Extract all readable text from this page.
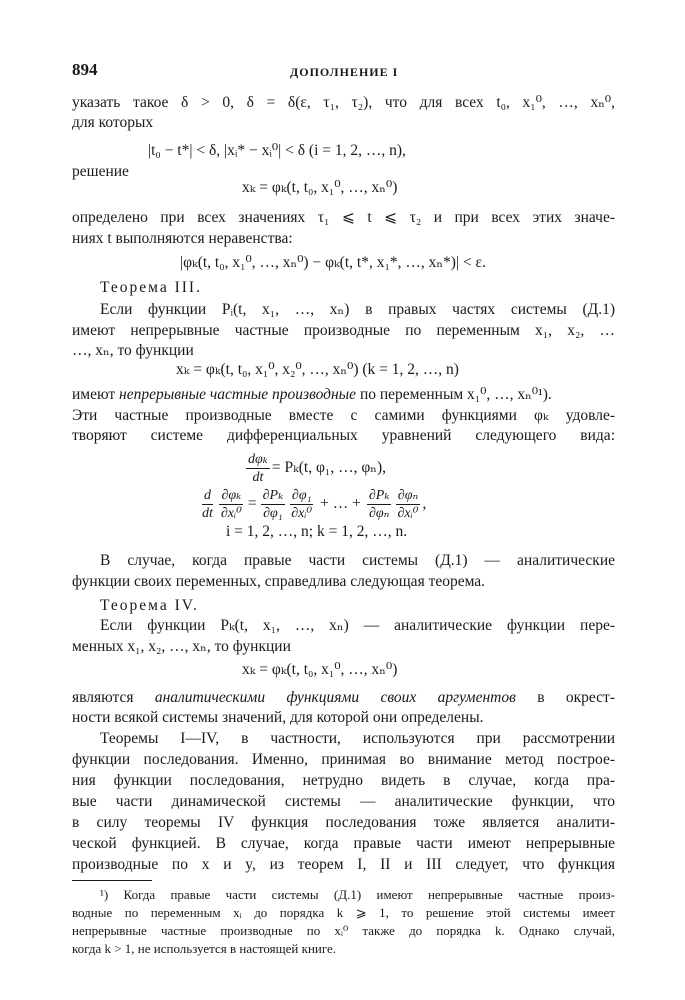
894	ДОПОЛНЕНИЕ I
указать такое δ > 0, δ = δ(ε, τ₁, τ₂), что для всех t₀, x₁⁰, …, xₙ⁰,
для которых
|t₀ − t*| < δ, |xᵢ* − xᵢ⁰| < δ (i = 1, 2, …, n),
решение
xₖ = φₖ(t, t₀, x₁⁰, …, xₙ⁰)
определено при всех значениях τ₁ ⩽ t ⩽ τ₂ и при всех этих значе-
ниях t выполняются неравенства:
|φₖ(t, t₀, x₁⁰, …, xₙ⁰) − φₖ(t, t*, x₁*, …, xₙ*)| < ε.
Теорема III.
Если функции Pᵢ(t, x₁, …, xₙ) в правых частях системы (Д.1)
имеют непрерывные частные производные по переменным x₁, x₂, …
…, xₙ, то функции
xₖ = φₖ(t, t₀, x₁⁰, x₂⁰, …, xₙ⁰) (k = 1, 2, …, n)
имеют непрерывные частные производные по переменным x₁⁰, …, xₙ⁰¹).
Эти частные производные вместе с самими функциями φₖ удовле-
творяют системе дифференциальных уравнений следующего вида:
$\frac{\text{dφₖ}}{dt} = P_k(t$, φ₁, …, φₙ),
$\frac{d}{dt} \frac{\text{∂φₖ}}{\text{∂xᵢ⁰}} = \frac{\text{∂Pₖ}}{\text{∂φ₁}} \frac{\text{∂φ₁}}{\text{∂xᵢ⁰}}$ + … + $\frac{\text{∂Pₖ}}{\text{∂φₙ}} \frac{\text{∂φₙ}}{\text{∂xᵢ⁰}}$ ,
i = 1, 2, …, n; k = 1, 2, …, n.
В случае, когда правые части системы (Д.1) — аналитические
функции своих переменных, справедлива следующая теорема.
Теорема IV.
Если функции Pₖ(t, x₁, …, xₙ) — аналитические функции пере-
менных x₁, x₂, …, xₙ, то функции
xₖ = φₖ(t, t₀, x₁⁰, …, xₙ⁰)
являются аналитическими функциями своих аргументов в окрест-
ности всякой системы значений, для которой они определены.
Теоремы I—IV, в частности, используются при рассмотрении
функции последования. Именно, принимая во внимание метод построе-
ния функции последования, нетрудно видеть в случае, когда пра-
вые части динамической системы — аналитические функции, что
в силу теоремы IV функция последования тоже является аналити-
ческой функцией. В случае, когда правые части имеют непрерывные
производные по x и y, из теорем I, II и III следует, что функция
¹) Когда правые части системы (Д.1) имеют непрерывные частные произ-
водные по переменным xᵢ до порядка k ⩾ 1, то решение этой системы имеет
непрерывные частные производные по xᵢ⁰ также до порядка k. Однако случай,
когда k > 1, не используется в настоящей книге.
